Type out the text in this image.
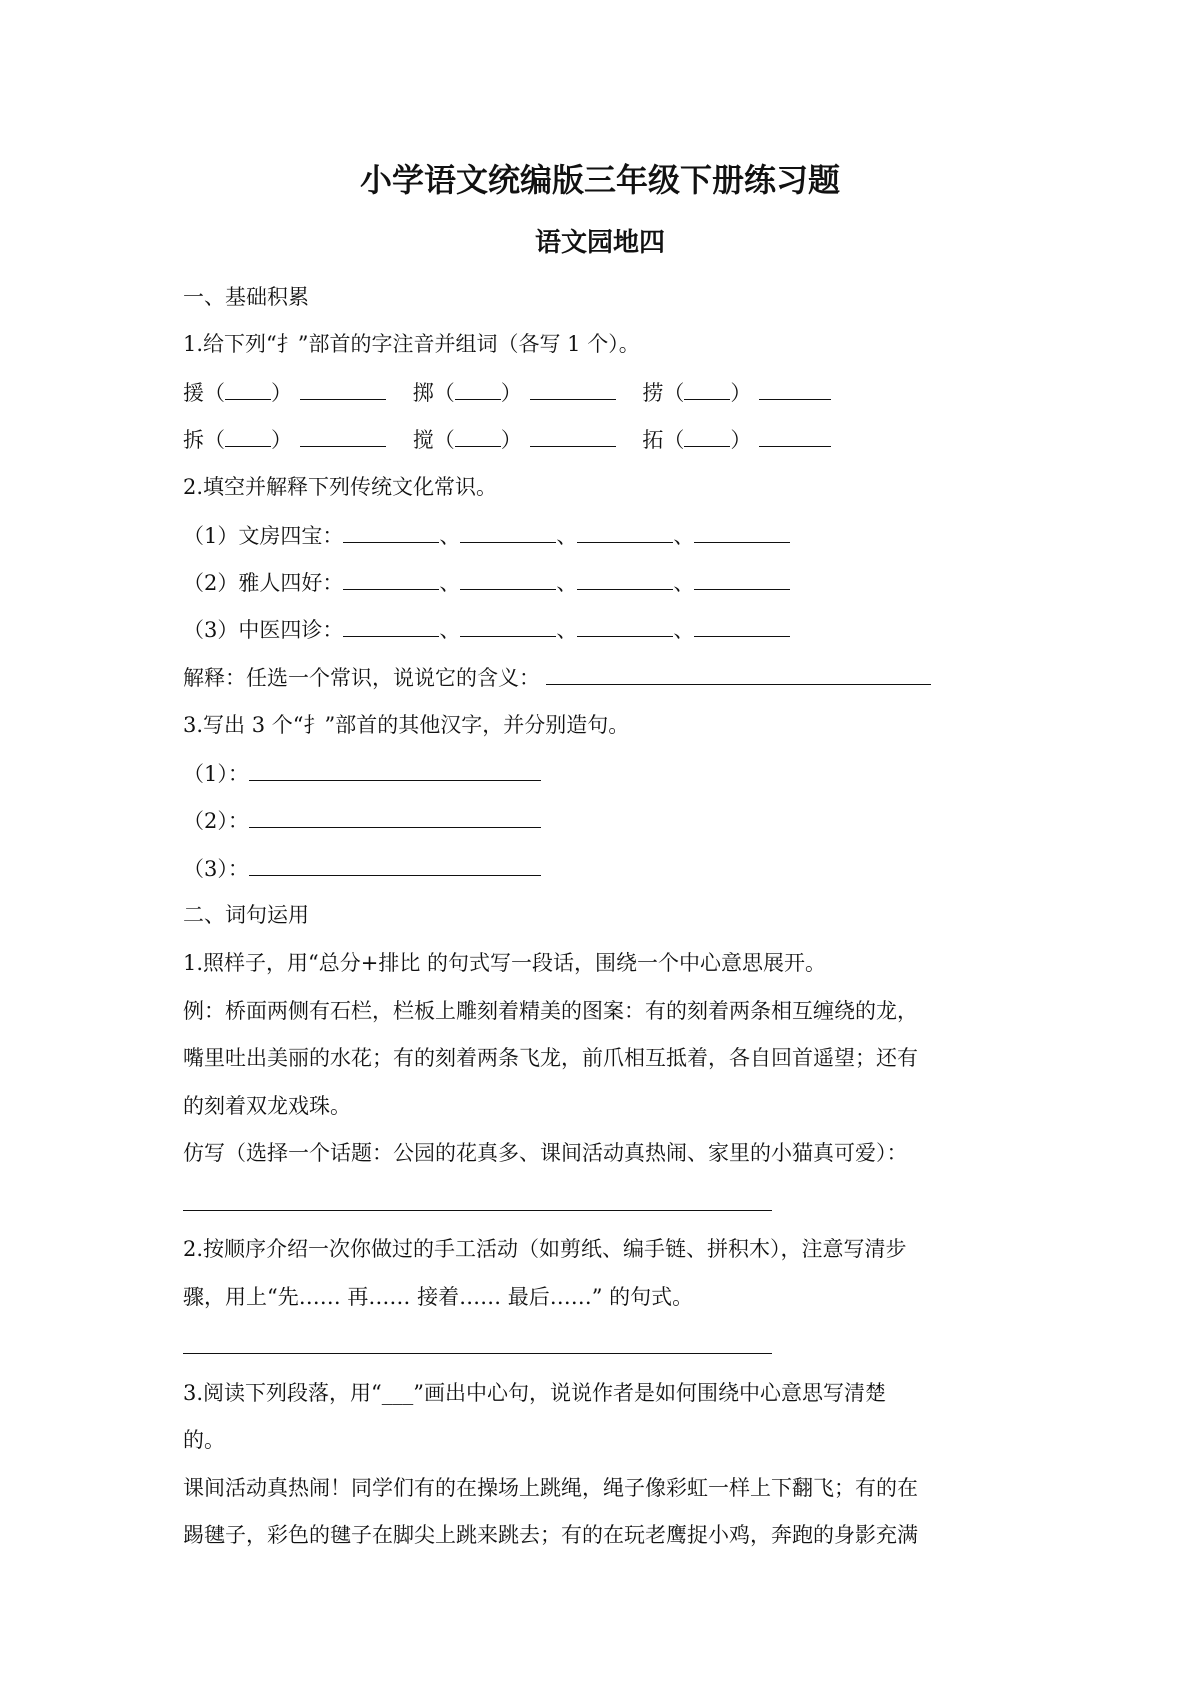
小学语文统编版三年级下册练习题
语文园地四
一、基础积累
1.给下列“扌”部首的字注音并组词（各写 1 个）。
援（ ）	掷（ ）	捞（ ）
拆（ ）	搅（ ）	拓（ ）
2.填空并解释下列传统文化常识。
（1）文房四宝：	、	、	、
（2）雅人四好：	、	、	、
（3）中医四诊：	、	、	、
解释：任选一个常识，说说它的含义：
3.写出 3 个“扌”部首的其他汉字，并分别造句。
（1）：
（2）：
（3）：
二、词句运用
1.照样子，用“总分+排比 的句式写一段话，围绕一个中心意思展开。
例：桥面两侧有石栏，栏板上雕刻着精美的图案：有的刻着两条相互缠绕的龙，
嘴里吐出美丽的水花；有的刻着两条飞龙，前爪相互抵着，各自回首遥望；还有
的刻着双龙戏珠。
仿写（选择一个话题：公园的花真多、课间活动真热闹、家里的小猫真可爱）：
2.按顺序介绍一次你做过的手工活动（如剪纸、编手链、拼积木），注意写清步
骤，用上“先…… 再…… 接着…… 最后……” 的句式。
3.阅读下列段落，用“___”画出中心句，说说作者是如何围绕中心意思写清楚
的。
课间活动真热闹！同学们有的在操场上跳绳，绳子像彩虹一样上下翻飞；有的在
踢毽子，彩色的毽子在脚尖上跳来跳去；有的在玩老鹰捉小鸡，奔跑的身影充满
